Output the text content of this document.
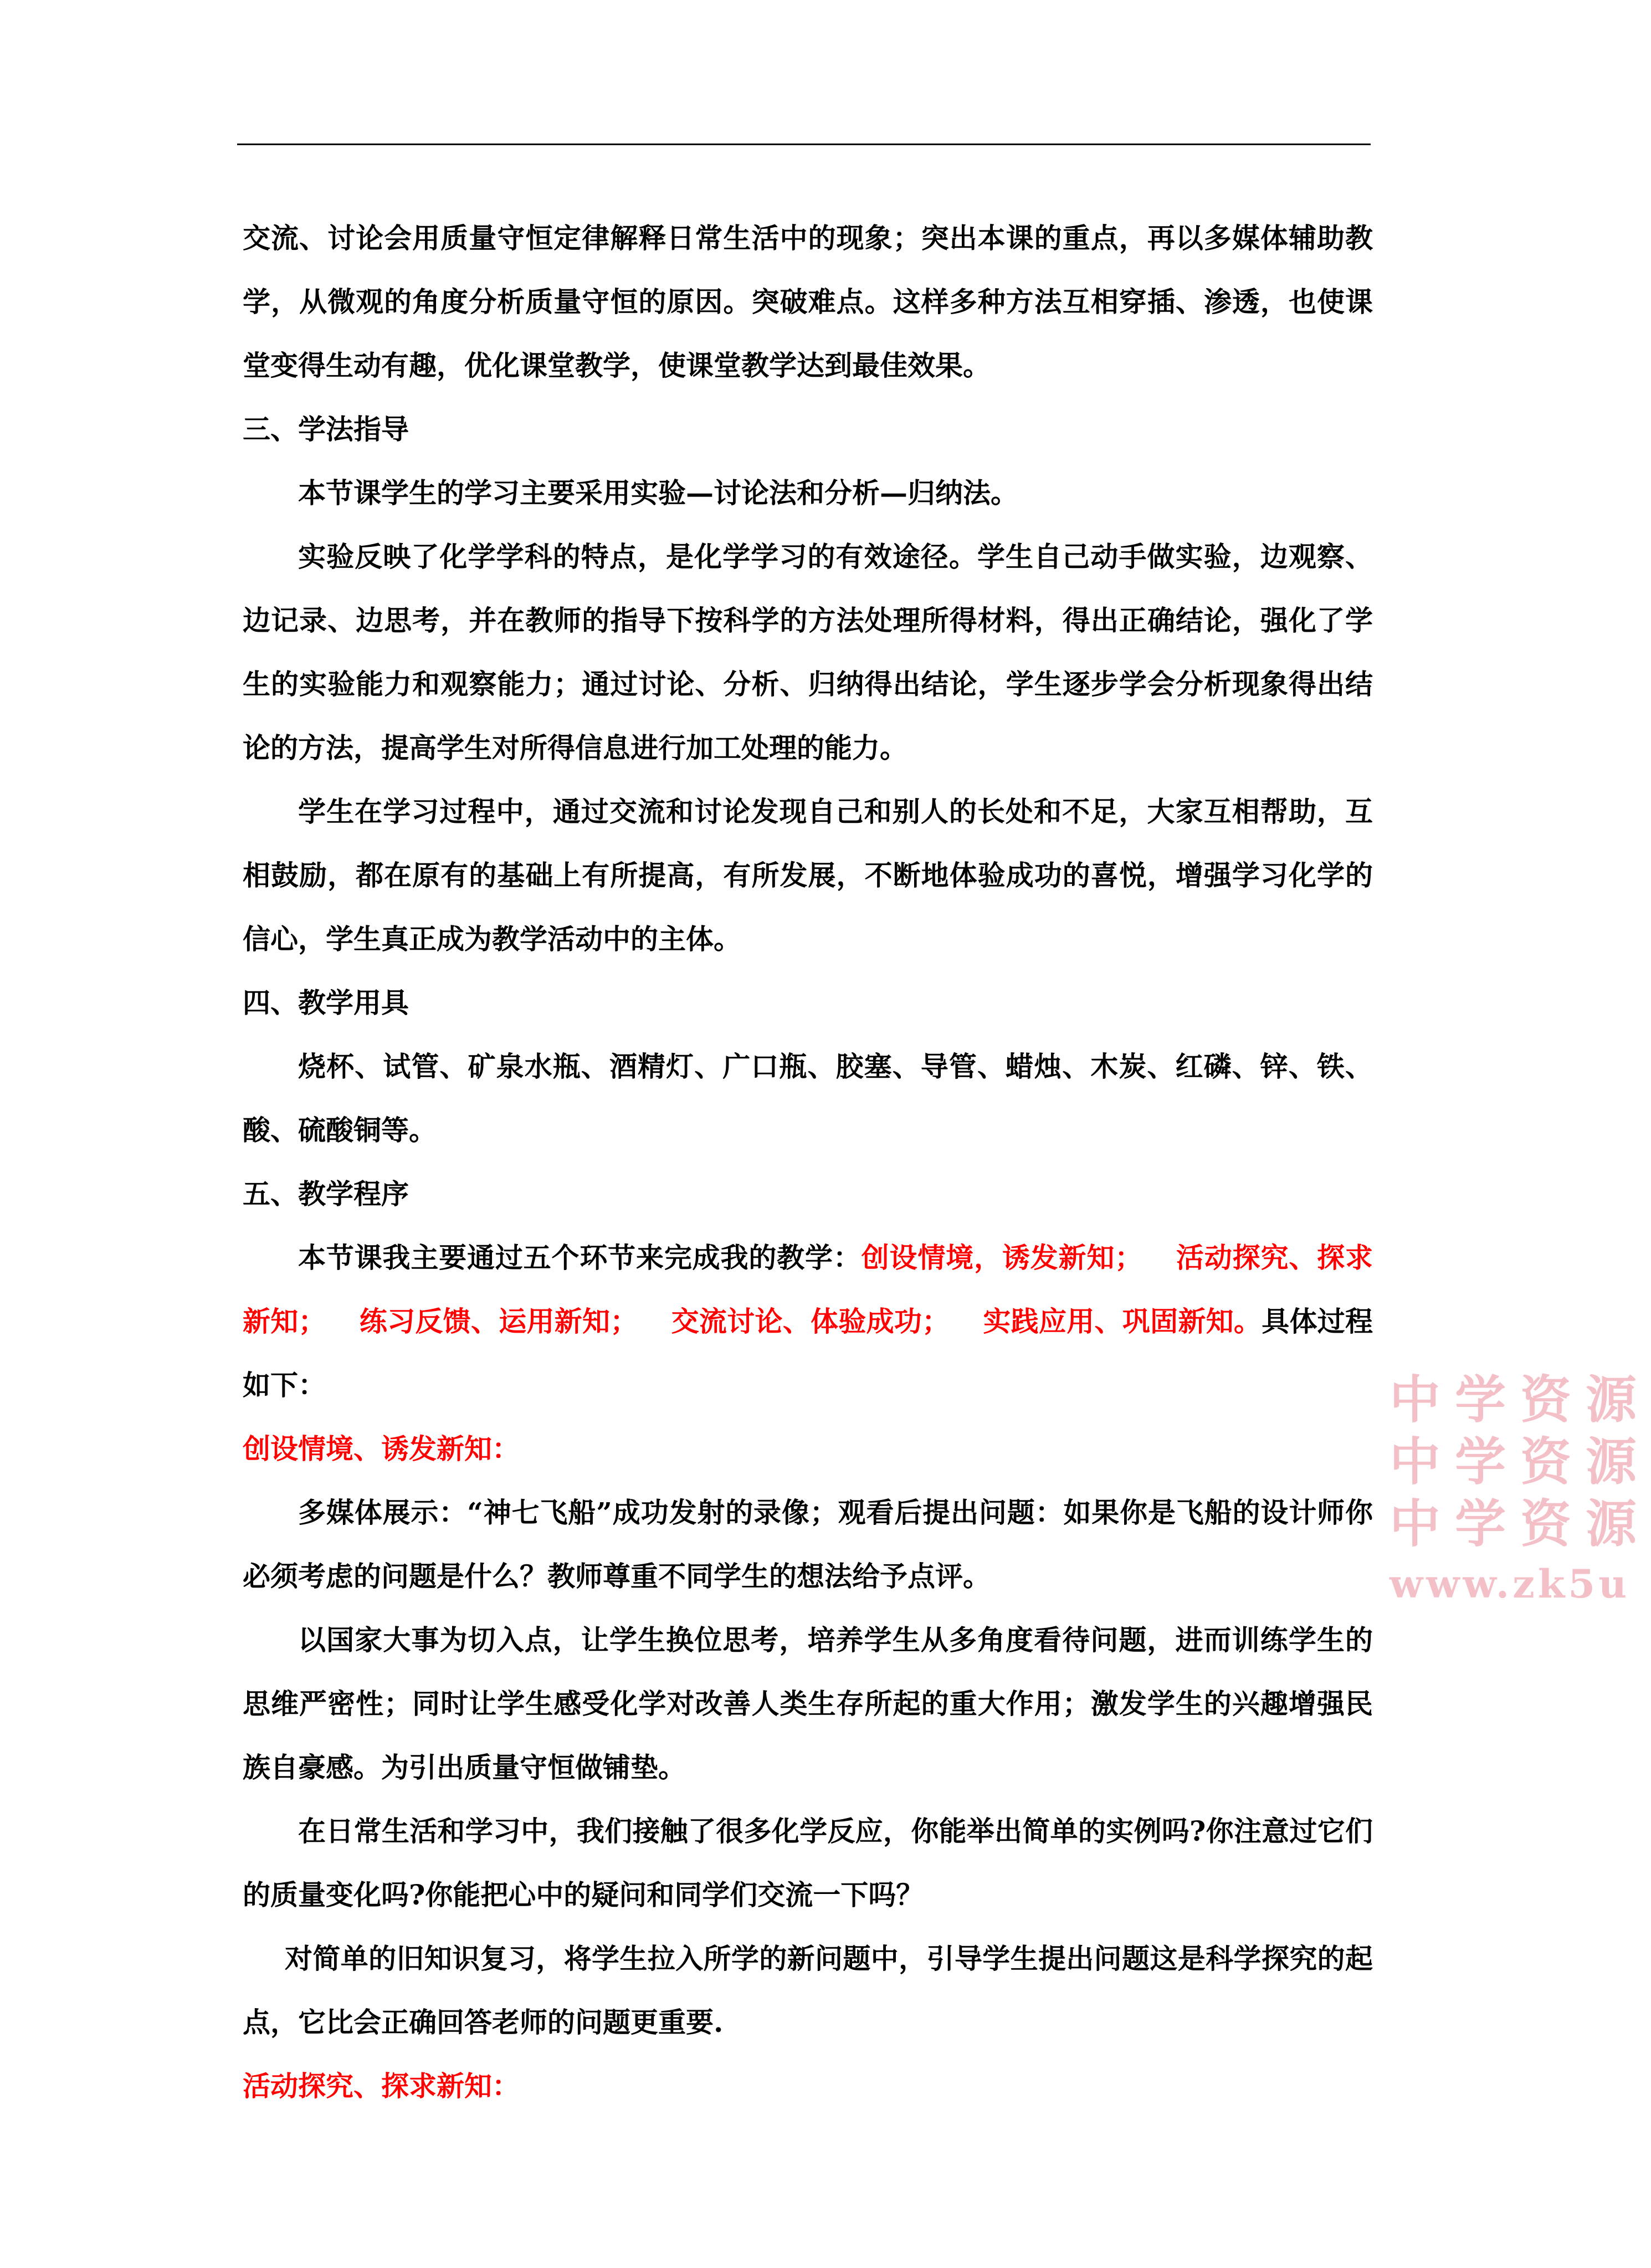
交流、讨论会用质量守恒定律解释日常生活中的现象；突出本课的重点，再以多媒体辅助教学，从微观的角度分析质量守恒的原因。突破难点。这样多种方法互相穿插、渗透，也使课堂变得生动有趣，优化课堂教学，使课堂教学达到最佳效果。

三、学法指导

本节课学生的学习主要采用实验—讨论法和分析—归纳法。

实验反映了化学学科的特点，是化学学习的有效途径。学生自己动手做实验，边观察、边记录、边思考，并在教师的指导下按科学的方法处理所得材料，得出正确结论，强化了学生的实验能力和观察能力；通过讨论、分析、归纳得出结论，学生逐步学会分析现象得出结论的方法，提高学生对所得信息进行加工处理的能力。

学生在学习过程中，通过交流和讨论发现自己和别人的长处和不足，大家互相帮助，互相鼓励，都在原有的基础上有所提高，有所发展，不断地体验成功的喜悦，增强学习化学的信心，学生真正成为教学活动中的主体。

四、教学用具

烧杯、试管、矿泉水瓶、酒精灯、广口瓶、胶塞、导管、蜡烛、木炭、红磷、锌、铁、酸、硫酸铜等。

五、教学程序

本节课我主要通过五个环节来完成我的教学：创设情境，诱发新知； 活动探究、探求新知； 练习反馈、运用新知； 交流讨论、体验成功； 实践应用、巩固新知。具体过程如下：

创设情境、诱发新知：

多媒体展示：“神七飞船”成功发射的录像；观看后提出问题：如果你是飞船的设计师你必须考虑的问题是什么？教师尊重不同学生的想法给予点评。

以国家大事为切入点，让学生换位思考，培养学生从多角度看待问题，进而训练学生的思维严密性；同时让学生感受化学对改善人类生存所起的重大作用；激发学生的兴趣增强民族自豪感。为引出质量守恒做铺垫。

在日常生活和学习中，我们接触了很多化学反应，你能举出简单的实例吗?你注意过它们的质量变化吗?你能把心中的疑问和同学们交流一下吗？

对简单的旧知识复习，将学生拉入所学的新问题中，引导学生提出问题这是科学探究的起点，它比会正确回答老师的问题更重要.

活动探究、探求新知：

中学资源
中学资源
中学资源
www.zk5u
